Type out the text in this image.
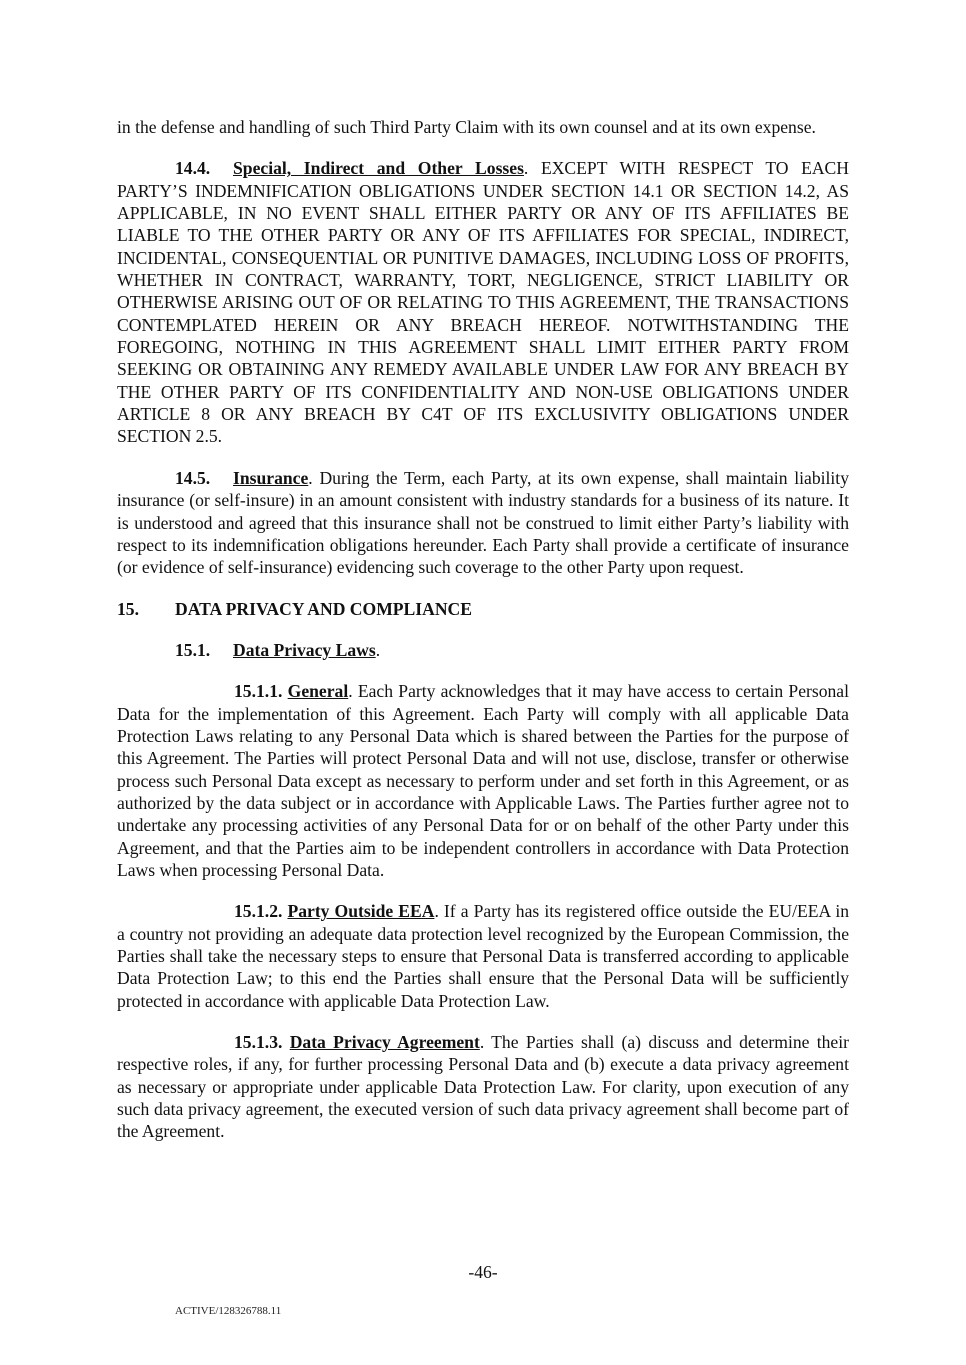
in the defense and handling of such Third Party Claim with its own counsel and at its own expense.

14.4. Special, Indirect and Other Losses. EXCEPT WITH RESPECT TO EACH PARTY’S INDEMNIFICATION OBLIGATIONS UNDER SECTION 14.1 OR SECTION 14.2, AS APPLICABLE, IN NO EVENT SHALL EITHER PARTY OR ANY OF ITS AFFILIATES BE LIABLE TO THE OTHER PARTY OR ANY OF ITS AFFILIATES FOR SPECIAL, INDIRECT, INCIDENTAL, CONSEQUENTIAL OR PUNITIVE DAMAGES, INCLUDING LOSS OF PROFITS, WHETHER IN CONTRACT, WARRANTY, TORT, NEGLIGENCE, STRICT LIABILITY OR OTHERWISE ARISING OUT OF OR RELATING TO THIS AGREEMENT, THE TRANSACTIONS CONTEMPLATED HEREIN OR ANY BREACH HEREOF. NOTWITHSTANDING THE FOREGOING, NOTHING IN THIS AGREEMENT SHALL LIMIT EITHER PARTY FROM SEEKING OR OBTAINING ANY REMEDY AVAILABLE UNDER LAW FOR ANY BREACH BY THE OTHER PARTY OF ITS CONFIDENTIALITY AND NON-USE OBLIGATIONS UNDER ARTICLE 8 OR ANY BREACH BY C4T OF ITS EXCLUSIVITY OBLIGATIONS UNDER SECTION 2.5.

14.5. Insurance. During the Term, each Party, at its own expense, shall maintain liability insurance (or self-insure) in an amount consistent with industry standards for a business of its nature. It is understood and agreed that this insurance shall not be construed to limit either Party’s liability with respect to its indemnification obligations hereunder. Each Party shall provide a certificate of insurance (or evidence of self-insurance) evidencing such coverage to the other Party upon request.

15. DATA PRIVACY AND COMPLIANCE

15.1. Data Privacy Laws.

15.1.1. General. Each Party acknowledges that it may have access to certain Personal Data for the implementation of this Agreement. Each Party will comply with all applicable Data Protection Laws relating to any Personal Data which is shared between the Parties for the purpose of this Agreement. The Parties will protect Personal Data and will not use, disclose, transfer or otherwise process such Personal Data except as necessary to perform under and set forth in this Agreement, or as authorized by the data subject or in accordance with Applicable Laws. The Parties further agree not to undertake any processing activities of any Personal Data for or on behalf of the other Party under this Agreement, and that the Parties aim to be independent controllers in accordance with Data Protection Laws when processing Personal Data.

15.1.2. Party Outside EEA. If a Party has its registered office outside the EU/EEA in a country not providing an adequate data protection level recognized by the European Commission, the Parties shall take the necessary steps to ensure that Personal Data is transferred according to applicable Data Protection Law; to this end the Parties shall ensure that the Personal Data will be sufficiently protected in accordance with applicable Data Protection Law.

15.1.3. Data Privacy Agreement. The Parties shall (a) discuss and determine their respective roles, if any, for further processing Personal Data and (b) execute a data privacy agreement as necessary or appropriate under applicable Data Protection Law. For clarity, upon execution of any such data privacy agreement, the executed version of such data privacy agreement shall become part of the Agreement.

-46-
ACTIVE/128326788.11
